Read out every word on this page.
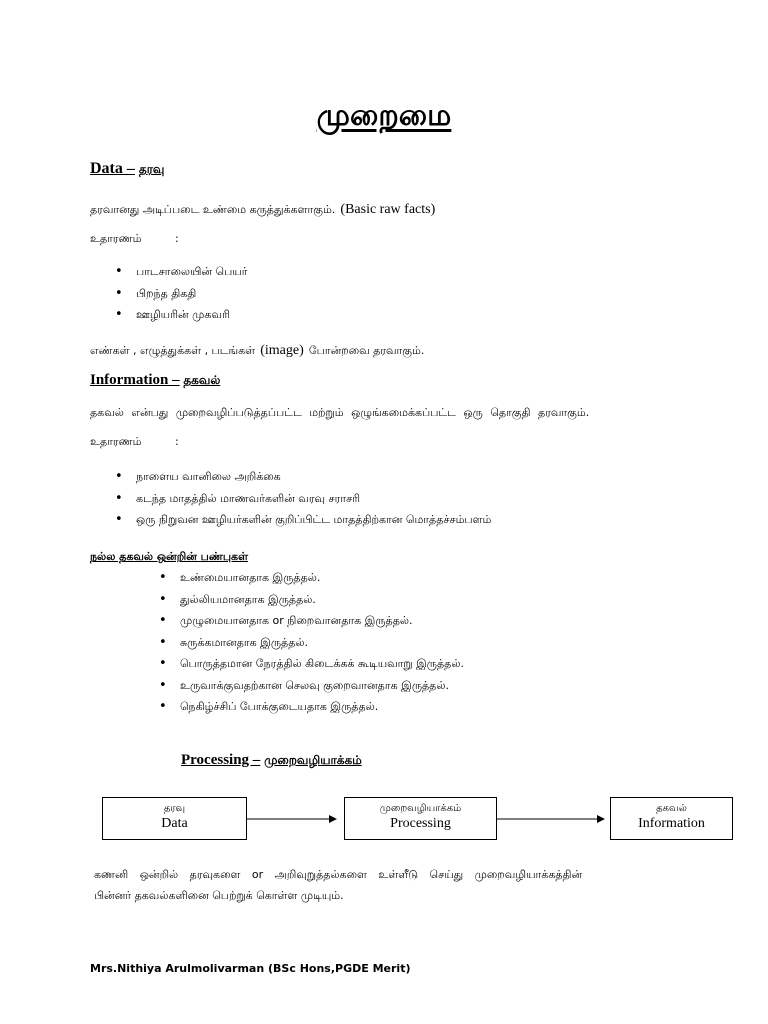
முறைமை
Data – தரவு
தரவானது அடிப்படை உண்மை கருத்துக்களாகும். (Basic raw facts)
உதாரணம்	:
• பாடசாலையின் பெயர்
• பிறந்த திகதி
• ஊழியரின் முகவரி
எண்கள் , எழுத்துக்கள் , படங்கள் (image) போன்றவை தரவாகும்.
Information – தகவல்
தகவல் என்பது முறைவழிப்படுத்தப்பட்ட மற்றும் ஒழுங்கமைக்கப்பட்ட ஒரு தொகுதி தரவாகும்.
உதாரணம்	:
• நாளைய வானிலை அறிக்கை
• கடந்த மாதத்தில் மாணவர்களின் வரவு சராசரி
• ஒரு நிறுவன ஊழியர்களின் குறிப்பிட்ட மாதத்திற்கான மொத்தச்சம்பளம்
நல்ல தகவல் ஒன்றின் பண்புகள்
• உண்மையானதாக இருத்தல்.
• துல்லியமானதாக இருத்தல்.
• முழுமையானதாக or நிறைவானதாக இருத்தல்.
• சுருக்கமானதாக இருத்தல்.
• பொருத்தமான நேரத்தில் கிடைக்கக் கூடியவாறு இருத்தல்.
• உருவாக்குவதற்கான செலவு குறைவானதாக இருத்தல்.
• நெகிழ்ச்சிப் போக்குடையதாக இருத்தல்.
Processing – முறைவழியாக்கம்
தரவு
Data
முறைவழியாக்கம்
Processing
தகவல்
Information
கணனி ஒன்றில் தரவுகளை or அறிவுறுத்தல்களை உள்ளீடு செய்து முறைவழியாக்கத்தின்
பின்னர் தகவல்களினை பெற்றுக் கொள்ள முடியும்.
Mrs.Nithiya Arulmolivarman (BSc Hons,PGDE Merit)
